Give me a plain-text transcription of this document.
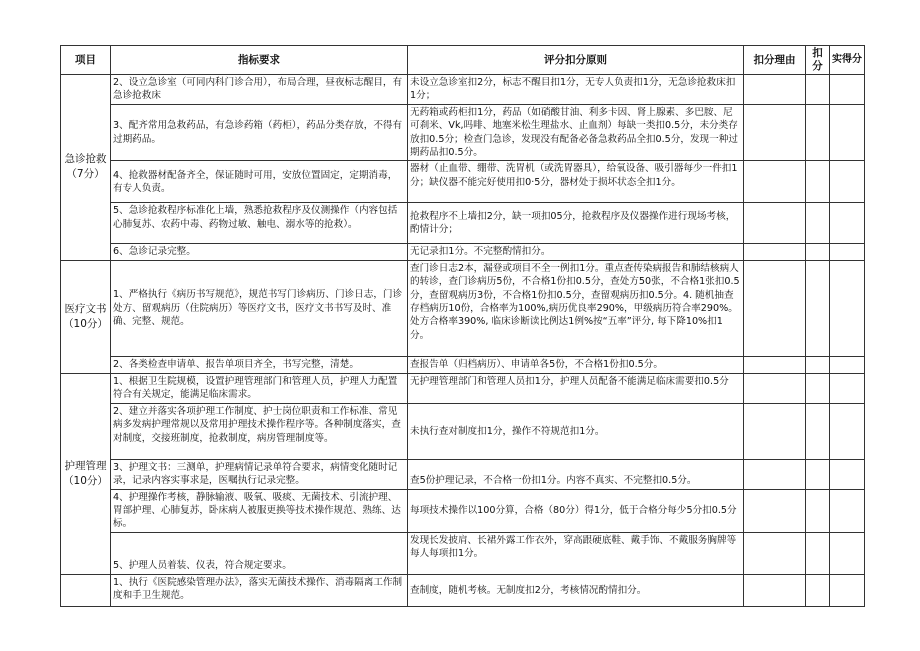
项目	指标要求	评分扣分原则	扣分理由	扣分	实得分

急诊抢救
（7分）	2、设立急诊室（可同内科门诊合用），布局合理，昼夜标志醒目，有急诊抢救床	未设立急诊室扣2分，标志不醒目扣1分，无专人负责扣1分，无急诊抢救床扣1分；			
	3、配齐常用急救药品，有急诊药箱（药柜），药品分类存放，不得有过期药品。	无药箱或药柜扣1分，药品（如硝酸甘油、利多卡因、肾上腺素、多巴胺、尼可刹米、Vk,吗啡、地塞米松生理盐水、止血剂）每缺一类扣0.5分，未分类存放扣0.5分；检查门急诊，发现没有配备必备急救药品全扣0.5分，发现一种过期药品扣0.5分。			
	4、抢救器材配备齐全，保证随时可用，安放位置固定，定期消毒，有专人负责。	器材（止血带、绷带、洗胃机（或洗胃器具），给氧设备、吸引器每少一件扣1分；缺仪器不能完好使用扣0·5分，器材处于损坏状态全扣1分。			
	5、急诊抢救程序标准化上墙，熟悉抢救程序及仪测操作（内容包括心肺复苏、农药中毒、药物过敏、触电、溺水等的抢救）。	抢救程序不上墙扣2分，缺一项扣05分，抢救程序及仪器操作进行现场考核，酌情计分；			
	6、急诊记录完整。	无记录扣1分。不完整酌情扣分。			

医疗文书
（10分）	1、严格执行《病历书写规范》，规范书写门诊病历、门诊日志，门诊处方、留观病历（住院病历）等医疗文书，医疗文书书写及时、准确、完整、规范。	查门诊日志2本，漏登或项目不全一例扣1分。重点查传染病报告和肺结核病人的转诊，查门诊病历5份，不合格1份扣0.5分，查处方50张，不合格1张扣0.5分，查留观病历3份，不合格1份扣0.5分，查留观病历扣0.5分。4. 随机抽查存档病历10份，合格率为100%,病历优良率290%，甲级病历符合率290%。处方合格率390%, 临床诊断读比例达1例%按“五率”评分, 每下降10%扣1分。			
	2、各类检查申请单、报告单项目齐全，书写完整，清楚。	查报告单（归档病历）、申请单各5份，不合格1份扣0.5分。			

护理管理
（10分）	1、根据卫生院规模，设置护理管理部门和管理人员，护理人力配置符合有关规定，能满足临床需求。	无护理管理部门和管理人员扣1分，护理人员配备不能满足临床需要扣0.5分			
	2、建立并落实各项护理工作制度、护士岗位职责和工作标准、常见病多发病护理常规以及常用护理技术操作程序等。各种制度落实，查对制度，交接班制度，抢救制度，病房管理制度等。	未执行查对制度扣1分，操作不符规范扣1分。			
	3、护理文书：三测单，护理病情记录单符合要求，病情变化随时记录，记录内容实事求是，医嘱执行记录完整。	查5份护理记录，不合格一份扣1分。内容不真实、不完整扣0.5分。			
	4、护理操作考核，静脉输液、吸氧、吸痰、无菌技术、引流护理、胃部护理、心肺复苏，卧床病人被服更换等技术操作规范、熟练、达标。	每项技术操作以100分算，合格（80分）得1分，低于合格分每少5分扣0.5分			
	5、护理人员着装、仪表，符合规定要求。	发现长发披肩、长裙外露工作衣外，穿高跟硬底鞋、戴手饰、不戴服务胸牌等每人每项扣1分。			

	1、执行《医院感染管理办法》，落实无菌技术操作、消毒隔离工作制度和手卫生规范。	查制度，随机考核。无制度扣2分，考核情况酌情扣分。			
